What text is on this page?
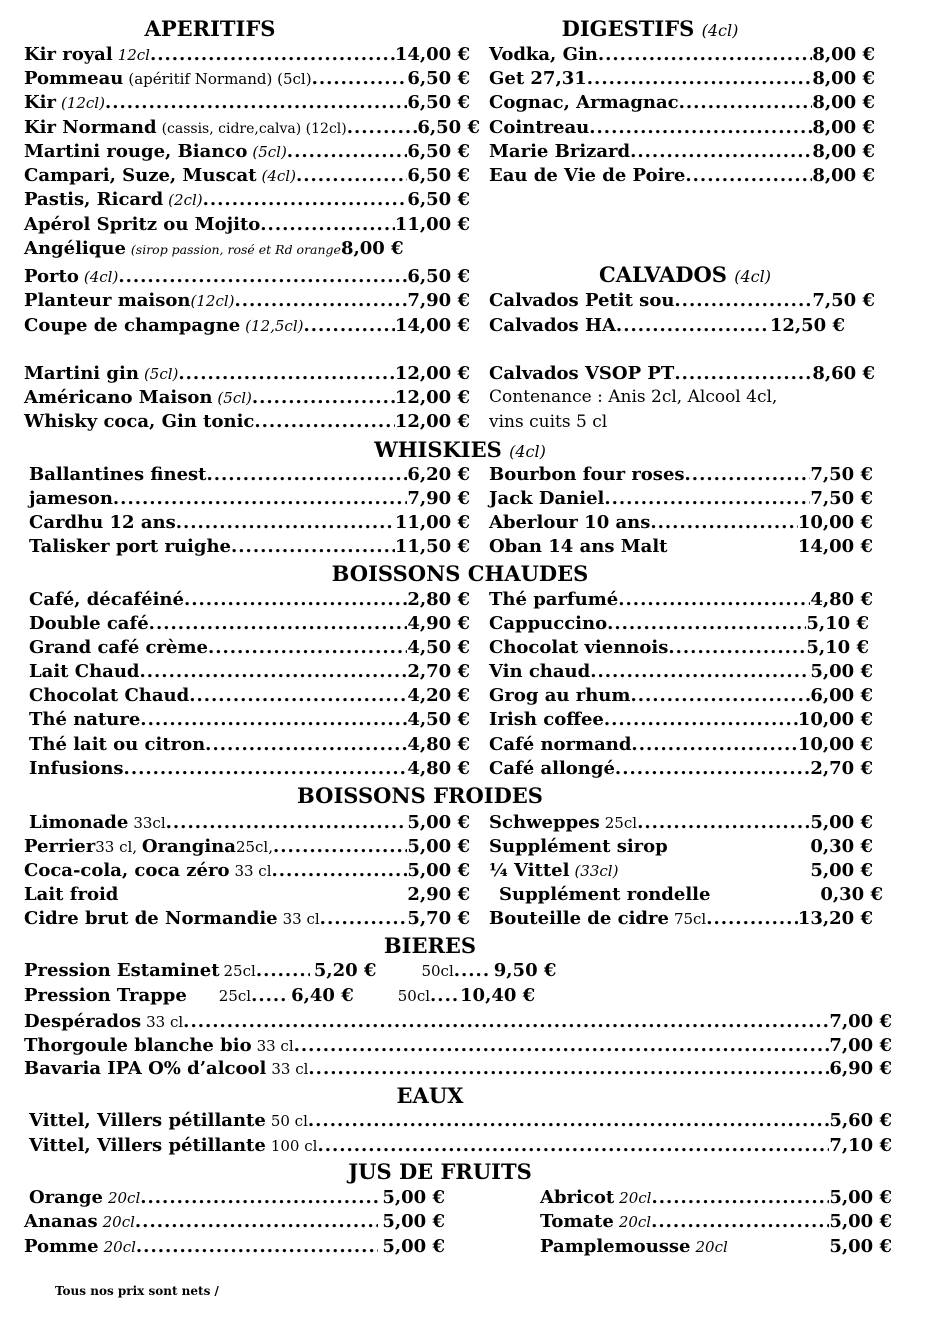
APERITIFS
Kir royal 12cl .....	14,00 €
Pommeau (apéritif Normand) (5cl) .....	6,50 €
Kir (12cl) .....	6,50 €
Kir Normand (cassis, cidre,calva) (12cl) .....	6,50 €
Martini rouge, Bianco (5cl) .....	6,50 €
Campari, Suze, Muscat (4cl) .....	6,50 €
Pastis, Ricard (2cl) .....	6,50 €
Apérol Spritz ou Mojito .....	11,00 €
Angélique (sirop passion, rosé et Rd orange 8,00 €
Porto (4cl) .....	6,50 €
Planteur maison (12cl) .....	7,90 €
Coupe de champagne (12,5cl) .....	14,00 €
Martini gin (5cl) .....	12,00 €
Américano Maison (5cl) .....	12,00 €
Whisky coca, Gin tonic .....	12,00 €
DIGESTIFS (4cl)
Vodka, Gin .....	8,00 €
Get 27,31 .....	8,00 €
Cognac, Armagnac .....	8,00 €
Cointreau .....	8,00 €
Marie Brizard .....	8,00 €
Eau de Vie de Poire .....	8,00 €
CALVADOS (4cl)
Calvados Petit sou .....	7,50 €
Calvados HA .....	12,50 €
Calvados VSOP PT .....	8,60 €
Contenance : Anis 2cl, Alcool 4cl,
vins cuits 5 cl
WHISKIES (4cl)
Ballantines finest .....	6,20 €
jameson .....	7,90 €
Cardhu 12 ans .....	11,00 €
Talisker port ruighe .....	11,50 €
Bourbon four roses .....	7,50 €
Jack Daniel .....	7,50 €
Aberlour 10 ans .....	10,00 €
Oban 14 ans Malt	14,00 €
BOISSONS CHAUDES
Café, décaféiné .....	2,80 €
Double café .....	4,90 €
Grand café crème .....	4,50 €
Lait Chaud .....	2,70 €
Chocolat Chaud .....	4,20 €
Thé nature .....	4,50 €
Thé lait ou citron .....	4,80 €
Infusions .....	4,80 €
Thé parfumé .....	4,80 €
Cappuccino .....	5,10 €
Chocolat viennois .....	5,10 €
Vin chaud .....	5,00 €
Grog au rhum .....	6,00 €
Irish coffee .....	10,00 €
Café normand .....	10,00 €
Café allongé .....	2,70 €
BOISSONS FROIDES
Limonade 33cl .....	5,00 €
Perrier 33 cl, Orangina 25cl, .....	5,00 €
Coca-cola, coca zéro 33 cl .....	5,00 €
Lait froid	2,90 €
Cidre brut de Normandie 33 cl .....	5,70 €
Schweppes 25cl .....	5,00 €
Supplément sirop	0,30 €
¼ Vittel (33cl)	5,00 €
Supplément rondelle	0,30 €
Bouteille de cidre 75cl .....	13,20 €
BIERES
Pression Estaminet 25cl .....	5,20 €	50cl ..... 9,50 €
Pression Trappe 25cl ..... 6,40 €	50cl ..... 10,40 €
Despérados 33 cl .....	7,00 €
Thorgoule blanche bio 33 cl .....	7,00 €
Bavaria IPA O% d’alcool 33 cl .....	6,90 €
EAUX
Vittel, Villers pétillante 50 cl .....	5,60 €
Vittel, Villers pétillante 100 cl .....	7,10 €
JUS DE FRUITS
Orange 20cl .....	5,00 €
Ananas 20cl .....	5,00 €
Pomme 20cl .....	5,00 €
Abricot 20cl .....	5,00 €
Tomate 20cl .....	5,00 €
Pamplemousse 20cl	5,00 €
Tous nos prix sont nets /
